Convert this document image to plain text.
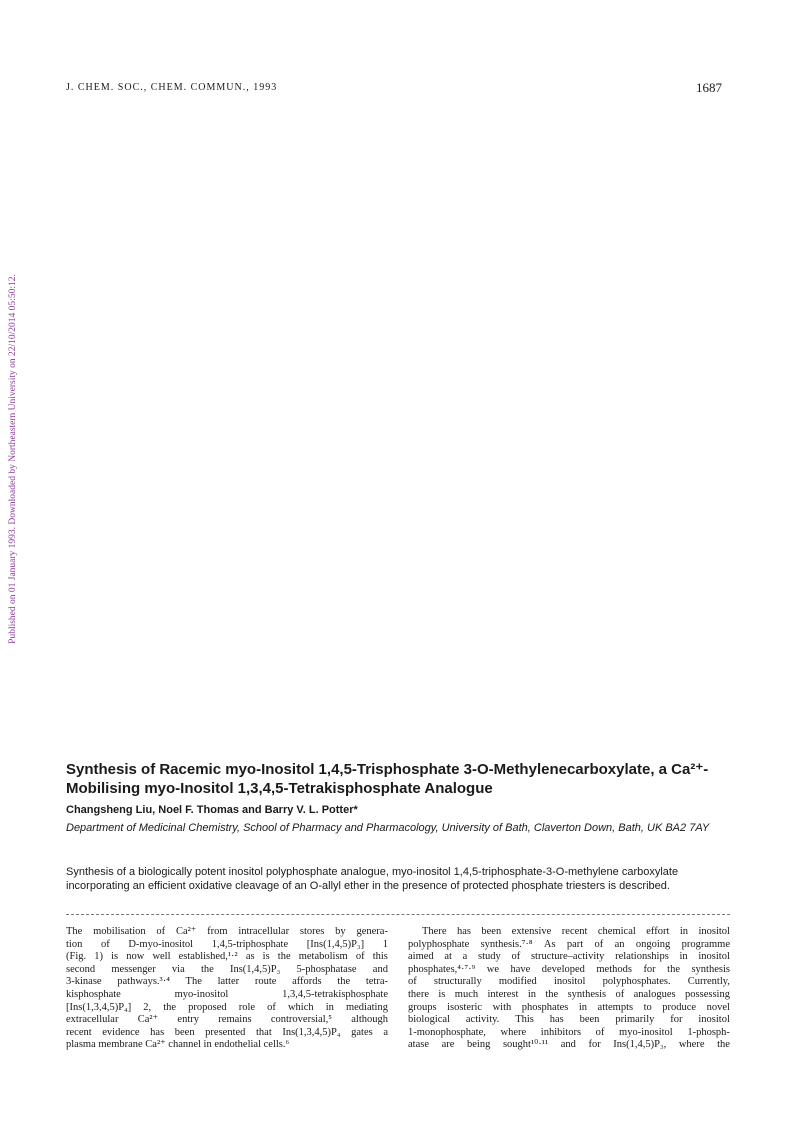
J. CHEM. SOC., CHEM. COMMUN., 1993	1687
Published on 01 January 1993. Downloaded by Northeastern University on 22/10/2014 05:50:12.
Synthesis of Racemic myo-Inositol 1,4,5-Trisphosphate 3-O-Methylenecarboxylate, a Ca²⁺-Mobilising myo-Inositol 1,3,4,5-Tetrakisphosphate Analogue
Changsheng Liu, Noel F. Thomas and Barry V. L. Potter*
Department of Medicinal Chemistry, School of Pharmacy and Pharmacology, University of Bath, Claverton Down, Bath, UK BA2 7AY
Synthesis of a biologically potent inositol polyphosphate analogue, myo-inositol 1,4,5-triphosphate-3-O-methylene carboxylate incorporating an efficient oxidative cleavage of an O-allyl ether in the presence of protected phosphate triesters is described.
The mobilisation of Ca²⁺ from intracellular stores by genera-
tion of D-myo-inositol 1,4,5-triphosphate [Ins(1,4,5)P₃] 1
(Fig. 1) is now well established,¹·² as is the metabolism of this
second messenger via the Ins(1,4,5)P₃ 5-phosphatase and
3-kinase pathways.³·⁴ The latter route affords the tetra-
kisphosphate	myo-inositol	1,3,4,5-tetrakisphosphate
[Ins(1,3,4,5)P₄] 2, the proposed role of which in mediating
extracellular Ca²⁺ entry remains controversial,⁵ although
recent evidence has been presented that Ins(1,3,4,5)P₄ gates a
plasma membrane Ca²⁺ channel in endothelial cells.⁶
There has been extensive recent chemical effort in inositol
polyphosphate synthesis.⁷·⁸ As part of an ongoing programme
aimed at a study of structure–activity relationships in inositol
phosphates,⁴·⁷·⁹ we have developed methods for the synthesis
of structurally modified inositol polyphosphates. Currently,
there is much interest in the synthesis of analogues possessing
groups isosteric with phosphates in attempts to produce novel
biological activity. This has been primarily for inositol
1-monophosphate, where inhibitors of myo-inositol 1-phosph-
atase are being sought¹⁰·¹¹ and for Ins(1,4,5)P₃, where the
